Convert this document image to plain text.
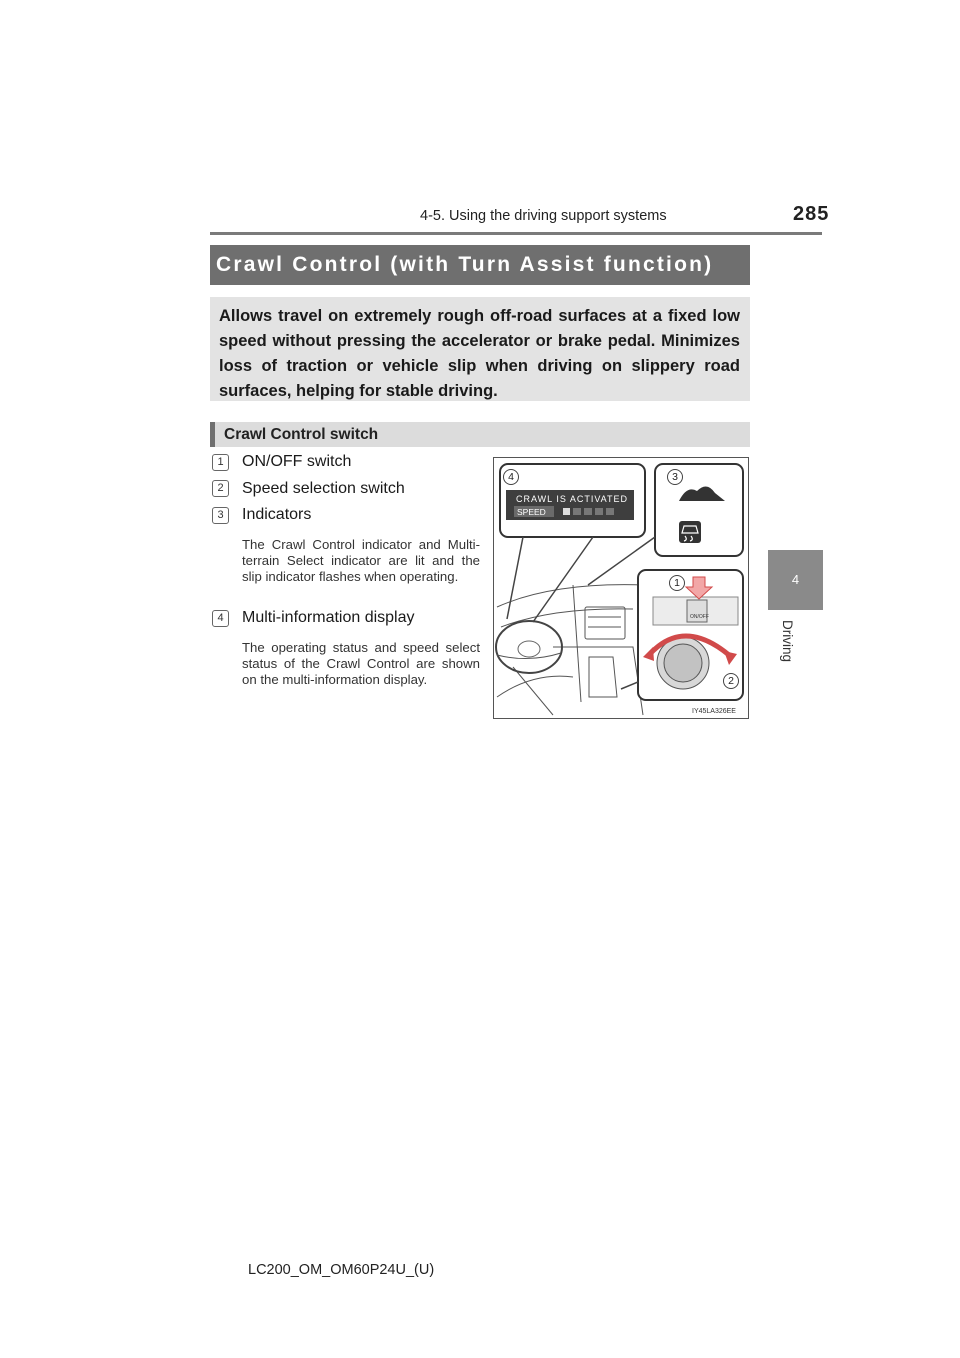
4-5. Using the driving support systems	285
4
Driving
Crawl Control (with Turn Assist function)
Allows travel on extremely rough off-road surfaces at a fixed low speed without pressing the accelerator or brake pedal. Minimizes loss of traction or vehicle slip when driving on slippery road surfaces, helping for stable driving.
Crawl Control switch
1	ON/OFF switch
2	Speed selection switch
3	Indicators
The Crawl Control indicator and Multi-terrain Select indicator are lit and the slip indicator flashes when operating.
4	Multi-information display
The operating status and speed select status of the Crawl Control are shown on the multi-information display.
CRAWL IS ACTIVATED
SPEED
ON/OFF
IY45LA326EE
4	3
1
2
LC200_OM_OM60P24U_(U)
